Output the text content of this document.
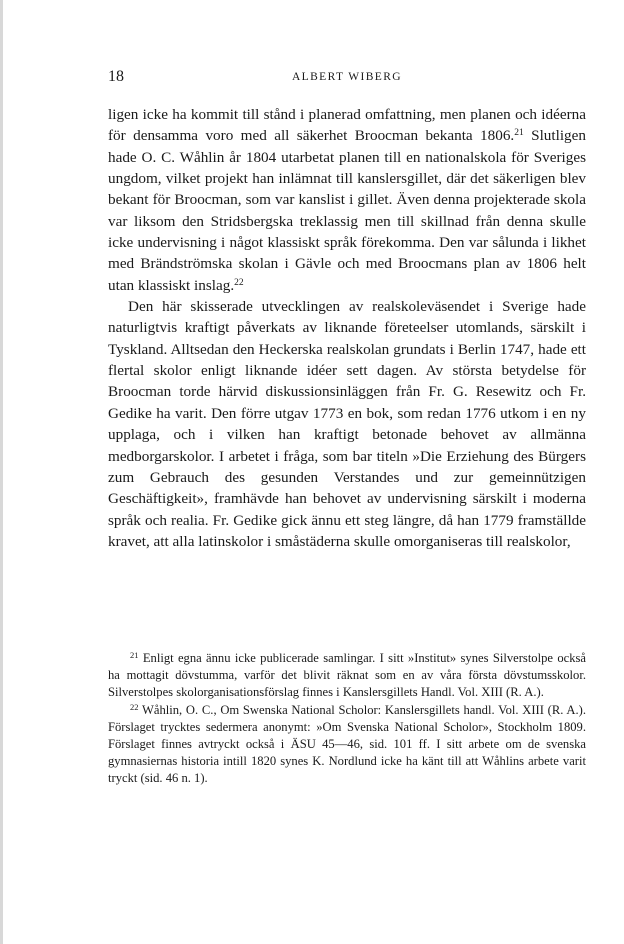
18	ALBERT WIBERG

ligen icke ha kommit till stånd i planerad omfattning, men planen och idéerna för densamma voro med all säkerhet Broocman bekanta 1806.21 Slutligen hade O. C. Wåhlin år 1804 utarbetat planen till en nationalskola för Sveriges ungdom, vilket projekt han inlämnat till kanslersgillet, där det säkerligen blev bekant för Broocman, som var kanslist i gillet. Även denna projekterade skola var liksom den Stridsbergska treklassig men till skillnad från denna skulle icke undervisning i något klassiskt språk förekomma. Den var sålunda i likhet med Brändströmska skolan i Gävle och med Broocmans plan av 1806 helt utan klassiskt inslag.$^{22}$

Den här skisserade utvecklingen av realskoleväsendet i Sverige hade naturligtvis kraftigt påverkats av liknande företeelser utomlands, särskilt i Tyskland. Alltsedan den Heckerska realskolan grundats i Berlin 1747, hade ett flertal skolor enligt liknande idéer sett dagen. Av största betydelse för Broocman torde härvid diskussionsinläggen från Fr. G. Resewitz och Fr. Gedike ha varit. Den förre utgav 1773 en bok, som redan 1776 utkom i en ny upplaga, och i vilken han kraftigt betonade behovet av allmänna medborgarskolor. I arbetet i fråga, som bar titeln »Die Erziehung des Bürgers zum Gebrauch des gesunden Verstandes und zur gemeinnützigen Geschäftigkeit», framhävde han behovet av undervisning särskilt i moderna språk och realia. Fr. Gedike gick ännu ett steg längre, då han 1779 framställde kravet, att alla latinskolor i småstäderna skulle omorganiseras till realskolor,

$^{21}$ Enligt egna ännu icke publicerade samlingar. I sitt »Institut» synes Silverstolpe också ha mottagit dövstumma, varför det blivit räknat som en av våra första dövstumsskolor. Silverstolpes skolorganisationsförslag finnes i Kanslersgillets Handl. Vol. XIII (R. A.).

$^{22}$ Wåhlin, O. C., Om Swenska National Scholor: Kanslersgillets handl. Vol. XIII (R. A.). Förslaget trycktes sedermera anonymt: »Om Svenska National Scholor», Stockholm 1809. Förslaget finnes avtryckt också i ÄSU 45—46, sid. 101 ff. I sitt arbete om de svenska gymnasiernas historia intill 1820 synes K. Nordlund icke ha känt till att Wåhlins arbete varit tryckt (sid. 46 n. 1).
